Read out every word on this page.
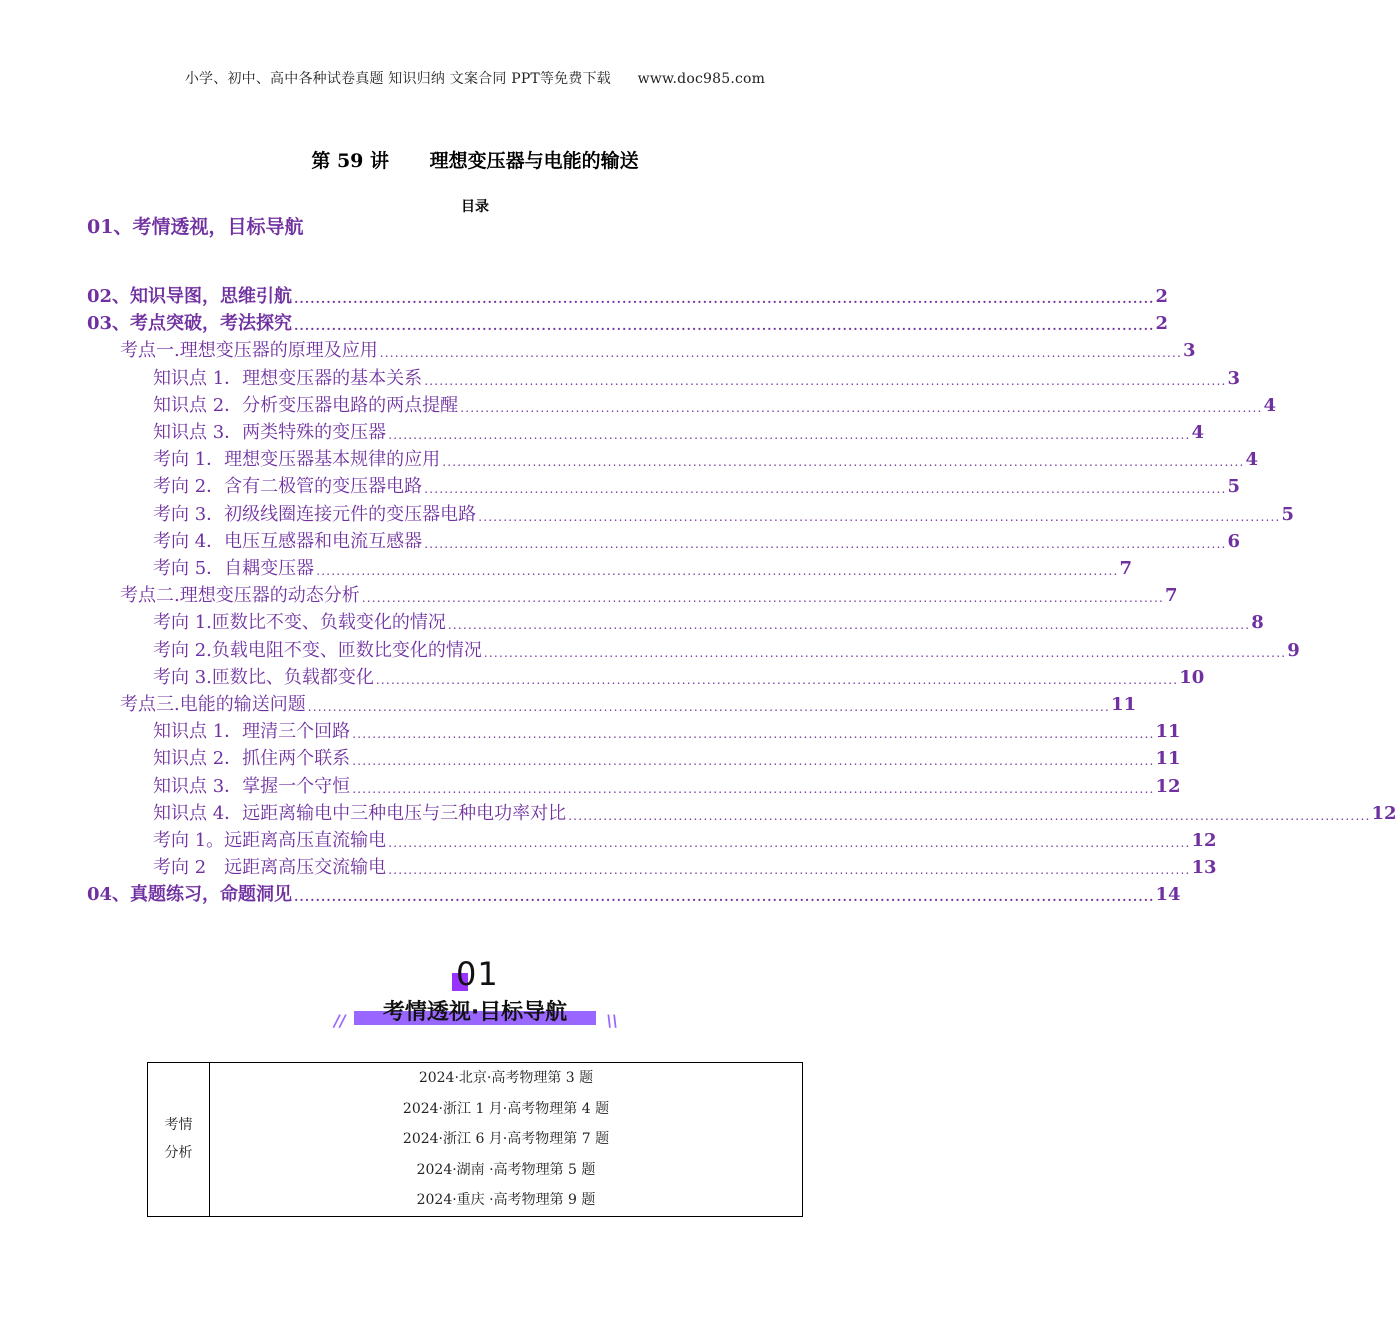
小学、初中、高中各种试卷真题 知识归纳 文案合同 PPT等免费下载 www.doc985.com
第 59 讲 理想变压器与电能的输送
目录
01、考情透视，目标导航
02、知识导图，思维引航 ................................................................................................................................................................ 2
03、考点突破，考法探究 ................................................................................................................................................................ 2
考点一.理想变压器的原理及应用 ................................................................................................................................................................ 3
知识点 1．理想变压器的基本关系 ................................................................................................................................................................ 3
知识点 2．分析变压器电路的两点提醒 ................................................................................................................................................................ 4
知识点 3．两类特殊的变压器 ................................................................................................................................................................ 4
考向 1．理想变压器基本规律的应用 ................................................................................................................................................................ 4
考向 2．含有二极管的变压器电路 ................................................................................................................................................................ 5
考向 3．初级线圈连接元件的变压器电路 ................................................................................................................................................................ 5
考向 4．电压互感器和电流互感器 ................................................................................................................................................................ 6
考向 5．自耦变压器 ................................................................................................................................................................ 7
考点二.理想变压器的动态分析 ................................................................................................................................................................ 7
考向 1.匝数比不变、负载变化的情况 ................................................................................................................................................................ 8
考向 2.负载电阻不变、匝数比变化的情况 ................................................................................................................................................................ 9
考向 3.匝数比、负载都变化 ................................................................................................................................................................ 10
考点三.电能的输送问题 ................................................................................................................................................................ 11
知识点 1．理清三个回路 ................................................................................................................................................................ 11
知识点 2．抓住两个联系 ................................................................................................................................................................ 11
知识点 3．掌握一个守恒 ................................................................................................................................................................ 12
知识点 4．远距离输电中三种电压与三种电功率对比 ................................................................................................................................................................ 12
考向 1。远距离高压直流输电 ................................................................................................................................................................ 12
考向 2　远距离高压交流输电 ................................................................................................................................................................ 13
04、真题练习，命题洞见 ................................................................................................................................................................ 14
01
//	考情透视·目标导航	\\
考情
分析

2024·北京·高考物理第 3 题
2024·浙江 1 月·高考物理第 4 题
2024·浙江 6 月·高考物理第 7 题
2024·湖南 ·高考物理第 5 题
2024·重庆 ·高考物理第 9 题
